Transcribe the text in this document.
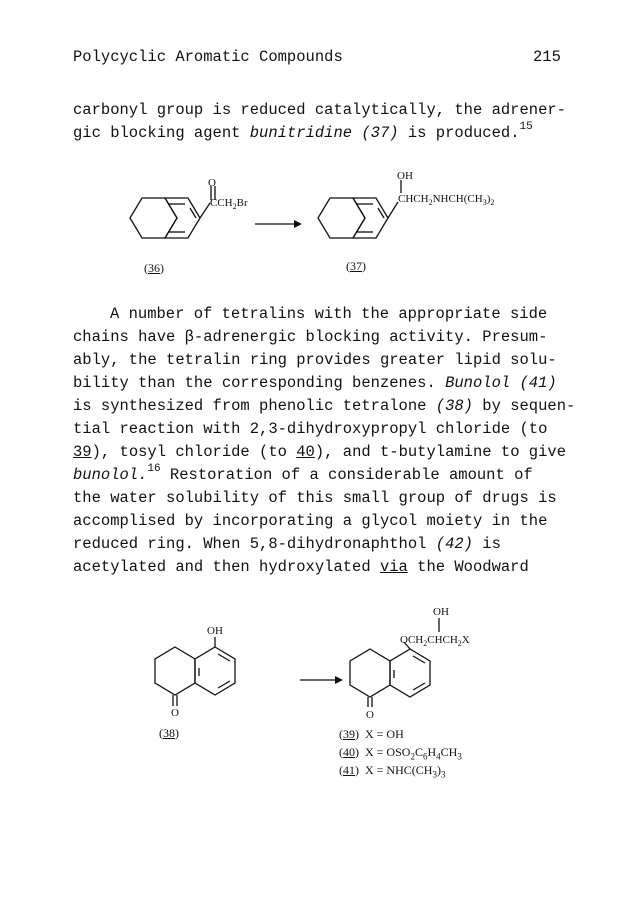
Polycyclic Aromatic Compounds	215
carbonyl group is reduced catalytically, the adrener-
gic blocking agent bunitridine (37) is produced.$^{15}$
O
$CCH_2Br$
OH
$CHCH_2NHCH(CH_3)_2$
(36)	(37)
A number of tetralins with the appropriate side
chains have β-adrenergic blocking activity. Presum-
ably, the tetralin ring provides greater lipid solu-
bility than the corresponding benzenes. Bunolol (41)
is synthesized from phenolic tetralone (38) by sequen-
tial reaction with 2,3-dihydroxypropyl chloride (to
39), tosyl chloride (to 40), and t-butylamine to give
bunolol.$^{16}$ Restoration of a considerable amount of
the water solubility of this small group of drugs is
accomplised by incorporating a glycol moiety in the
reduced ring. When 5,8-dihydronaphthol (42) is
acetylated and then hydroxylated via the Woodward
OH
O
OH
$OCH_2CHCH_2X$
O
(38)	(39)  X = OH
(40)  $X = OSO_2C_6H_4CH_3$
(41)  $X = NHC(CH_3)_3$
